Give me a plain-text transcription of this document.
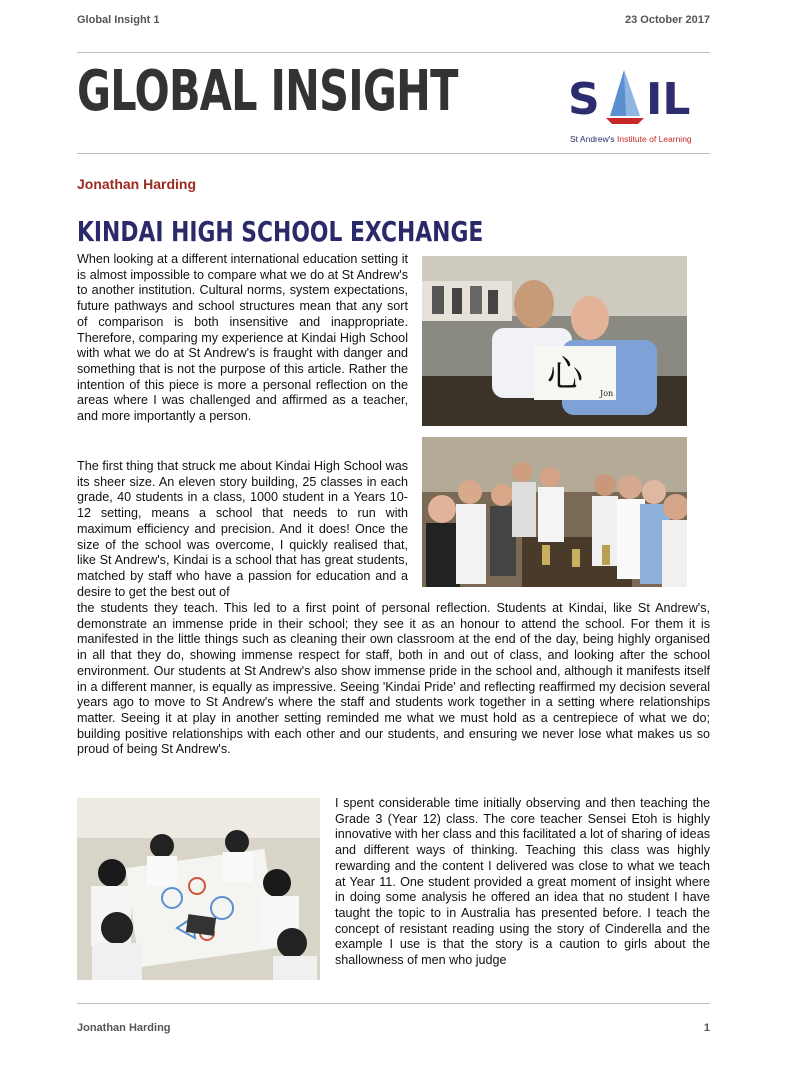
Global Insight 1	23 October 2017
GLOBAL INSIGHT	S IL
St Andrew's Institute of Learning
Jonathan Harding
KINDAI HIGH SCHOOL EXCHANGE

When looking at a different international education setting it is almost impossible to compare what we do at St Andrew's to another institution. Cultural norms, system expectations, future pathways and school structures mean that any sort of comparison is both insensitive and inappropriate. Therefore, comparing my experience at Kindai High School with what we do at St Andrew's is fraught with danger and something that is not the purpose of this article. Rather the intention of this piece is more a personal reflection on the areas where I was challenged and affirmed as a teacher, and more importantly a person.

The first thing that struck me about Kindai High School was its sheer size. An eleven story building, 25 classes in each grade, 40 students in a class, 1000 student in a Years 10-12 setting, means a school that needs to run with maximum efficiency and precision. And it does! Once the size of the school was overcome, I quickly realised that, like St Andrew's, Kindai is a school that has great students, matched by staff who have a passion for education and a desire to get the best out of

the students they teach. This led to a first point of personal reflection. Students at Kindai, like St Andrew's, demonstrate an immense pride in their school; they see it as an honour to attend the school. For them it is manifested in the little things such as cleaning their own classroom at the end of the day, being highly organised in all that they do, showing immense respect for staff, both in and out of class, and looking after the school environment. Our students at St Andrew's also show immense pride in the school and, although it manifests itself in a different manner, is equally as impressive. Seeing 'Kindai Pride' and reflecting reaffirmed my decision several years ago to move to St Andrew's where the staff and students work together in a setting where relationships matter. Seeing it at play in another setting reminded me what we must hold as a centrepiece of what we do; building positive relationships with each other and our students, and ensuring we never lose what makes us so proud of being St Andrew's.

I spent considerable time initially observing and then teaching the Grade 3 (Year 12) class. The core teacher Sensei Etoh is highly innovative with her class and this facilitated a lot of sharing of ideas and different ways of thinking. Teaching this class was highly rewarding and the content I delivered was close to what we teach at Year 11. One student provided a great moment of insight where in doing some analysis he offered an idea that no student I have taught the topic to in Australia has presented before. I teach the concept of resistant reading using the story of Cinderella and the example I use is that the story is a caution to girls about the shallowness of men who judge

心 Jon
Jonathan Harding	1
